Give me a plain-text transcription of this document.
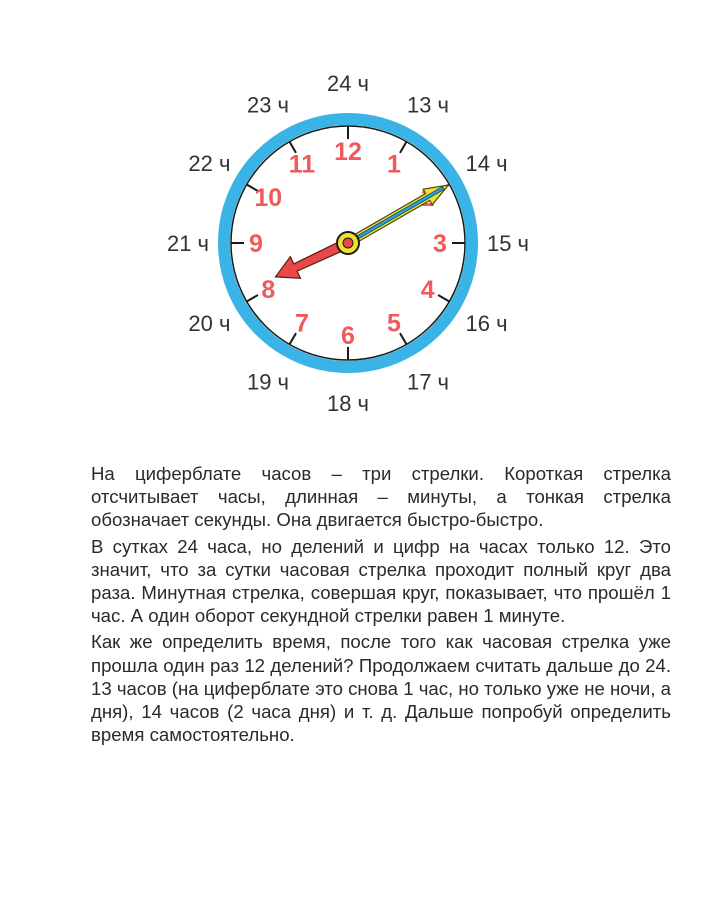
24 ч
13 ч
14 ч
15 ч
16 ч
17 ч
18 ч
19 ч
20 ч
21 ч
22 ч
23 ч
12 1
3
4
5
6
7
8
9
10
11

На циферблате часов – три стрелки. Короткая стрелка отсчитывает часы, длинная – минуты, а тонкая стрелка обозначает секунды. Она двигается быстро-быстро.

В сутках 24 часа, но делений и цифр на часах только 12. Это значит, что за сутки часовая стрелка проходит полный круг два раза. Минутная стрелка, совершая круг, показывает, что прошёл 1 час. А один оборот секундной стрелки равен 1 минуте.

Как же определить время, после того как часовая стрелка уже прошла один раз 12 делений? Продолжаем считать дальше до 24. 13 часов (на циферблате это снова 1 час, но только уже не ночи, а дня), 14 часов (2 часа дня) и т. д. Дальше попробуй определить время самостоятельно.
